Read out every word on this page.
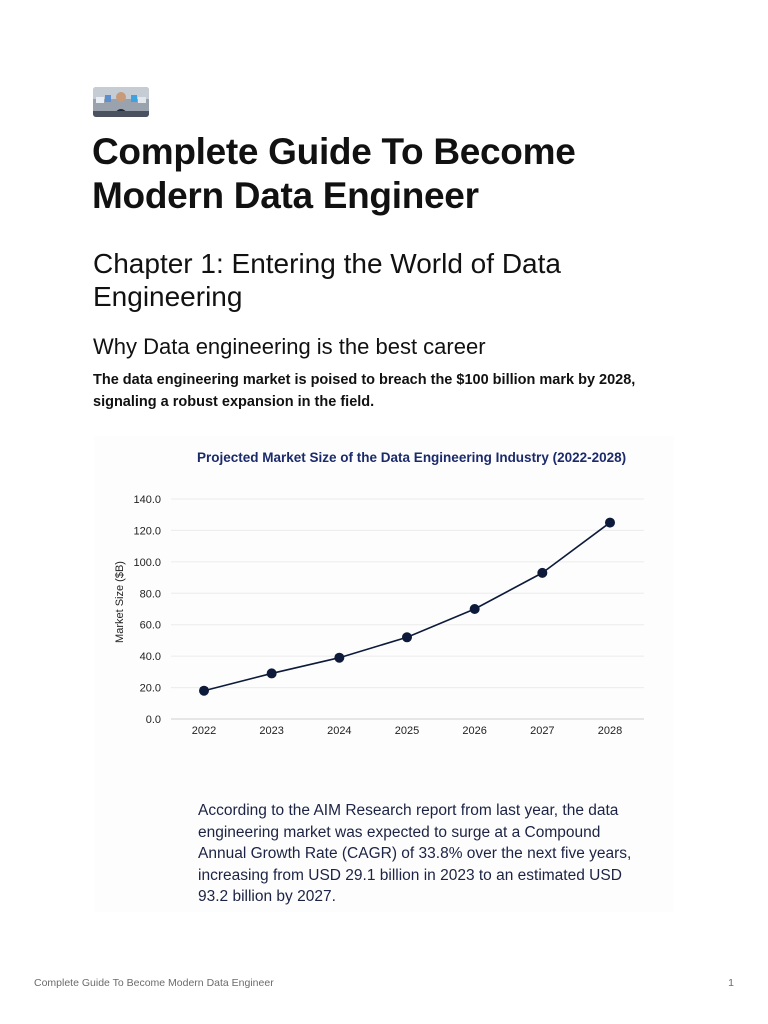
Complete Guide To Become Modern Data Engineer
Chapter 1: Entering the World of Data Engineering
Why Data engineering is the best career

The data engineering market is poised to breach the $100 billion mark by 2028, signaling a robust expansion in the field.

Projected Market Size of the Data Engineering Industry (2022-2028)
Market Size ($B)
0.0
20.0
40.0
60.0
80.0
100.0
120.0
140.0
2022	2023	2024	2025	2026	2027	2028

According to the AIM Research report from last year, the data engineering market was expected to surge at a Compound Annual Growth Rate (CAGR) of 33.8% over the next five years, increasing from USD 29.1 billion in 2023 to an estimated USD 93.2 billion by 2027.

Complete Guide To Become Modern Data Engineer	1
